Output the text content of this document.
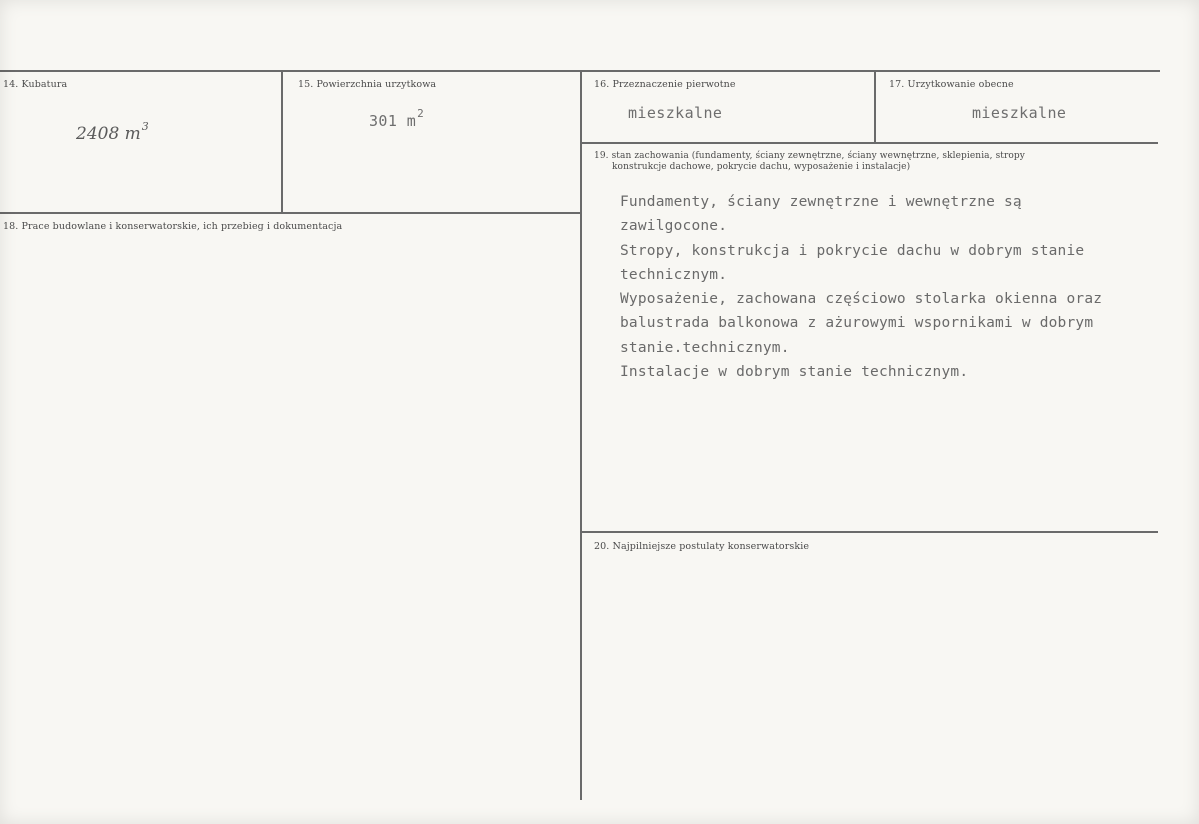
14. Kubatura
2408 $m^3$
15. Powierzchnia urzytkowa
301 $m^2$
16. Przeznaczenie pierwotne
mieszkalne
17. Urzytkowanie obecne
mieszkalne
18. Prace budowlane i konserwatorskie, ich przebieg i dokumentacja
19. stan zachowania (fundamenty, ściany zewnętrzne, ściany wewnętrzne, sklepienia, stropy
konstrukcje dachowe, pokrycie dachu, wyposażenie i instalacje)
Fundamenty, ściany zewnętrzne i wewnętrzne są
zawilgocone.
Stropy, konstrukcja i pokrycie dachu w dobrym stanie
technicznym.
Wyposażenie, zachowana częściowo stolarka okienna oraz
balustrada balkonowa z ażurowymi wspornikami w dobrym
stanie.technicznym.
Instalacje w dobrym stanie technicznym.
20. Najpilniejsze postulaty konserwatorskie
